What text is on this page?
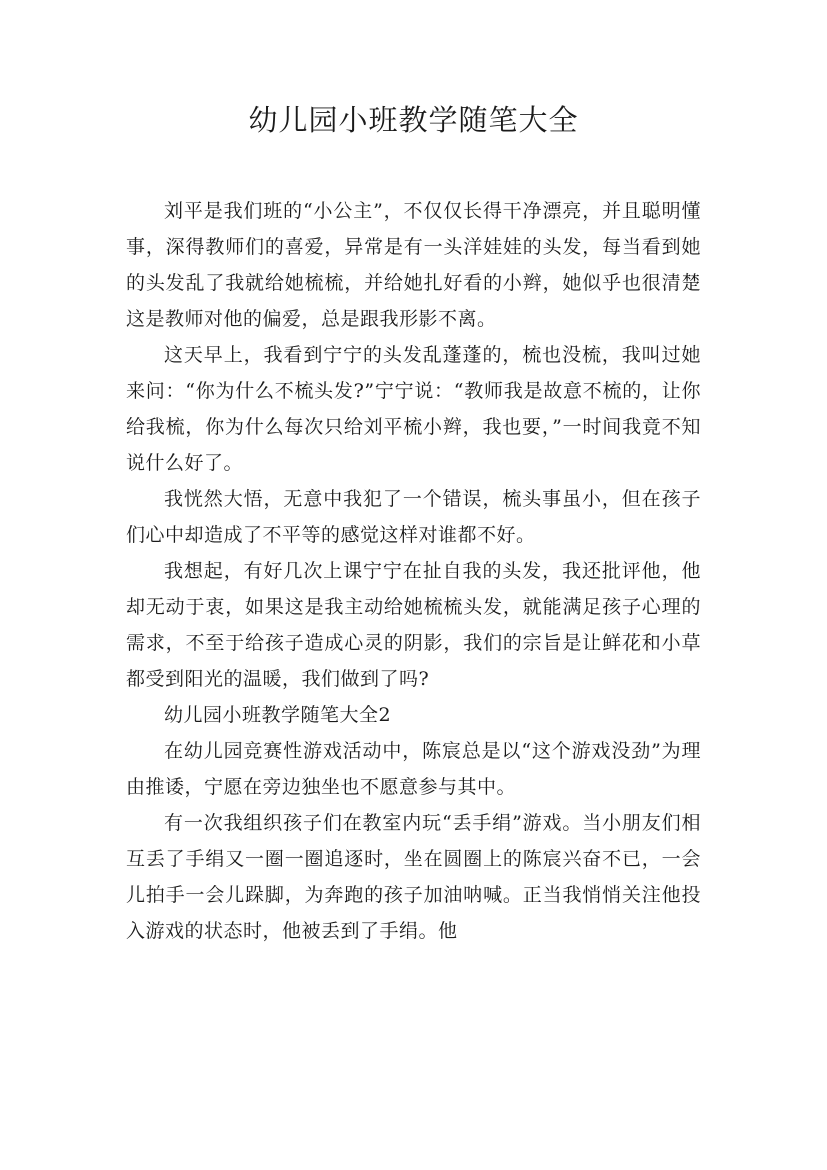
幼儿园小班教学随笔大全

刘平是我们班的“小公主”，不仅仅长得干净漂亮，并且聪明懂事，深得教师们的喜爱，异常是有一头洋娃娃的头发，每当看到她的头发乱了我就给她梳梳，并给她扎好看的小辫，她似乎也很清楚这是教师对他的偏爱，总是跟我形影不离。

这天早上，我看到宁宁的头发乱蓬蓬的，梳也没梳，我叫过她来问：“你为什么不梳头发?”宁宁说：“教师我是故意不梳的，让你给我梳，你为什么每次只给刘平梳小辫，我也要，”一时间我竟不知说什么好了。

我恍然大悟，无意中我犯了一个错误，梳头事虽小，但在孩子们心中却造成了不平等的感觉这样对谁都不好。

我想起，有好几次上课宁宁在扯自我的头发，我还批评他，他却无动于衷，如果这是我主动给她梳梳头发，就能满足孩子心理的需求，不至于给孩子造成心灵的阴影，我们的宗旨是让鲜花和小草都受到阳光的温暖，我们做到了吗?

幼儿园小班教学随笔大全2

在幼儿园竞赛性游戏活动中，陈宸总是以“这个游戏没劲”为理由推诿，宁愿在旁边独坐也不愿意参与其中。

有一次我组织孩子们在教室内玩“丢手绢”游戏。当小朋友们相互丢了手绢又一圈一圈追逐时，坐在圆圈上的陈宸兴奋不已，一会儿拍手一会儿跺脚，为奔跑的孩子加油呐喊。正当我悄悄关注他投入游戏的状态时，他被丢到了手绢。他
